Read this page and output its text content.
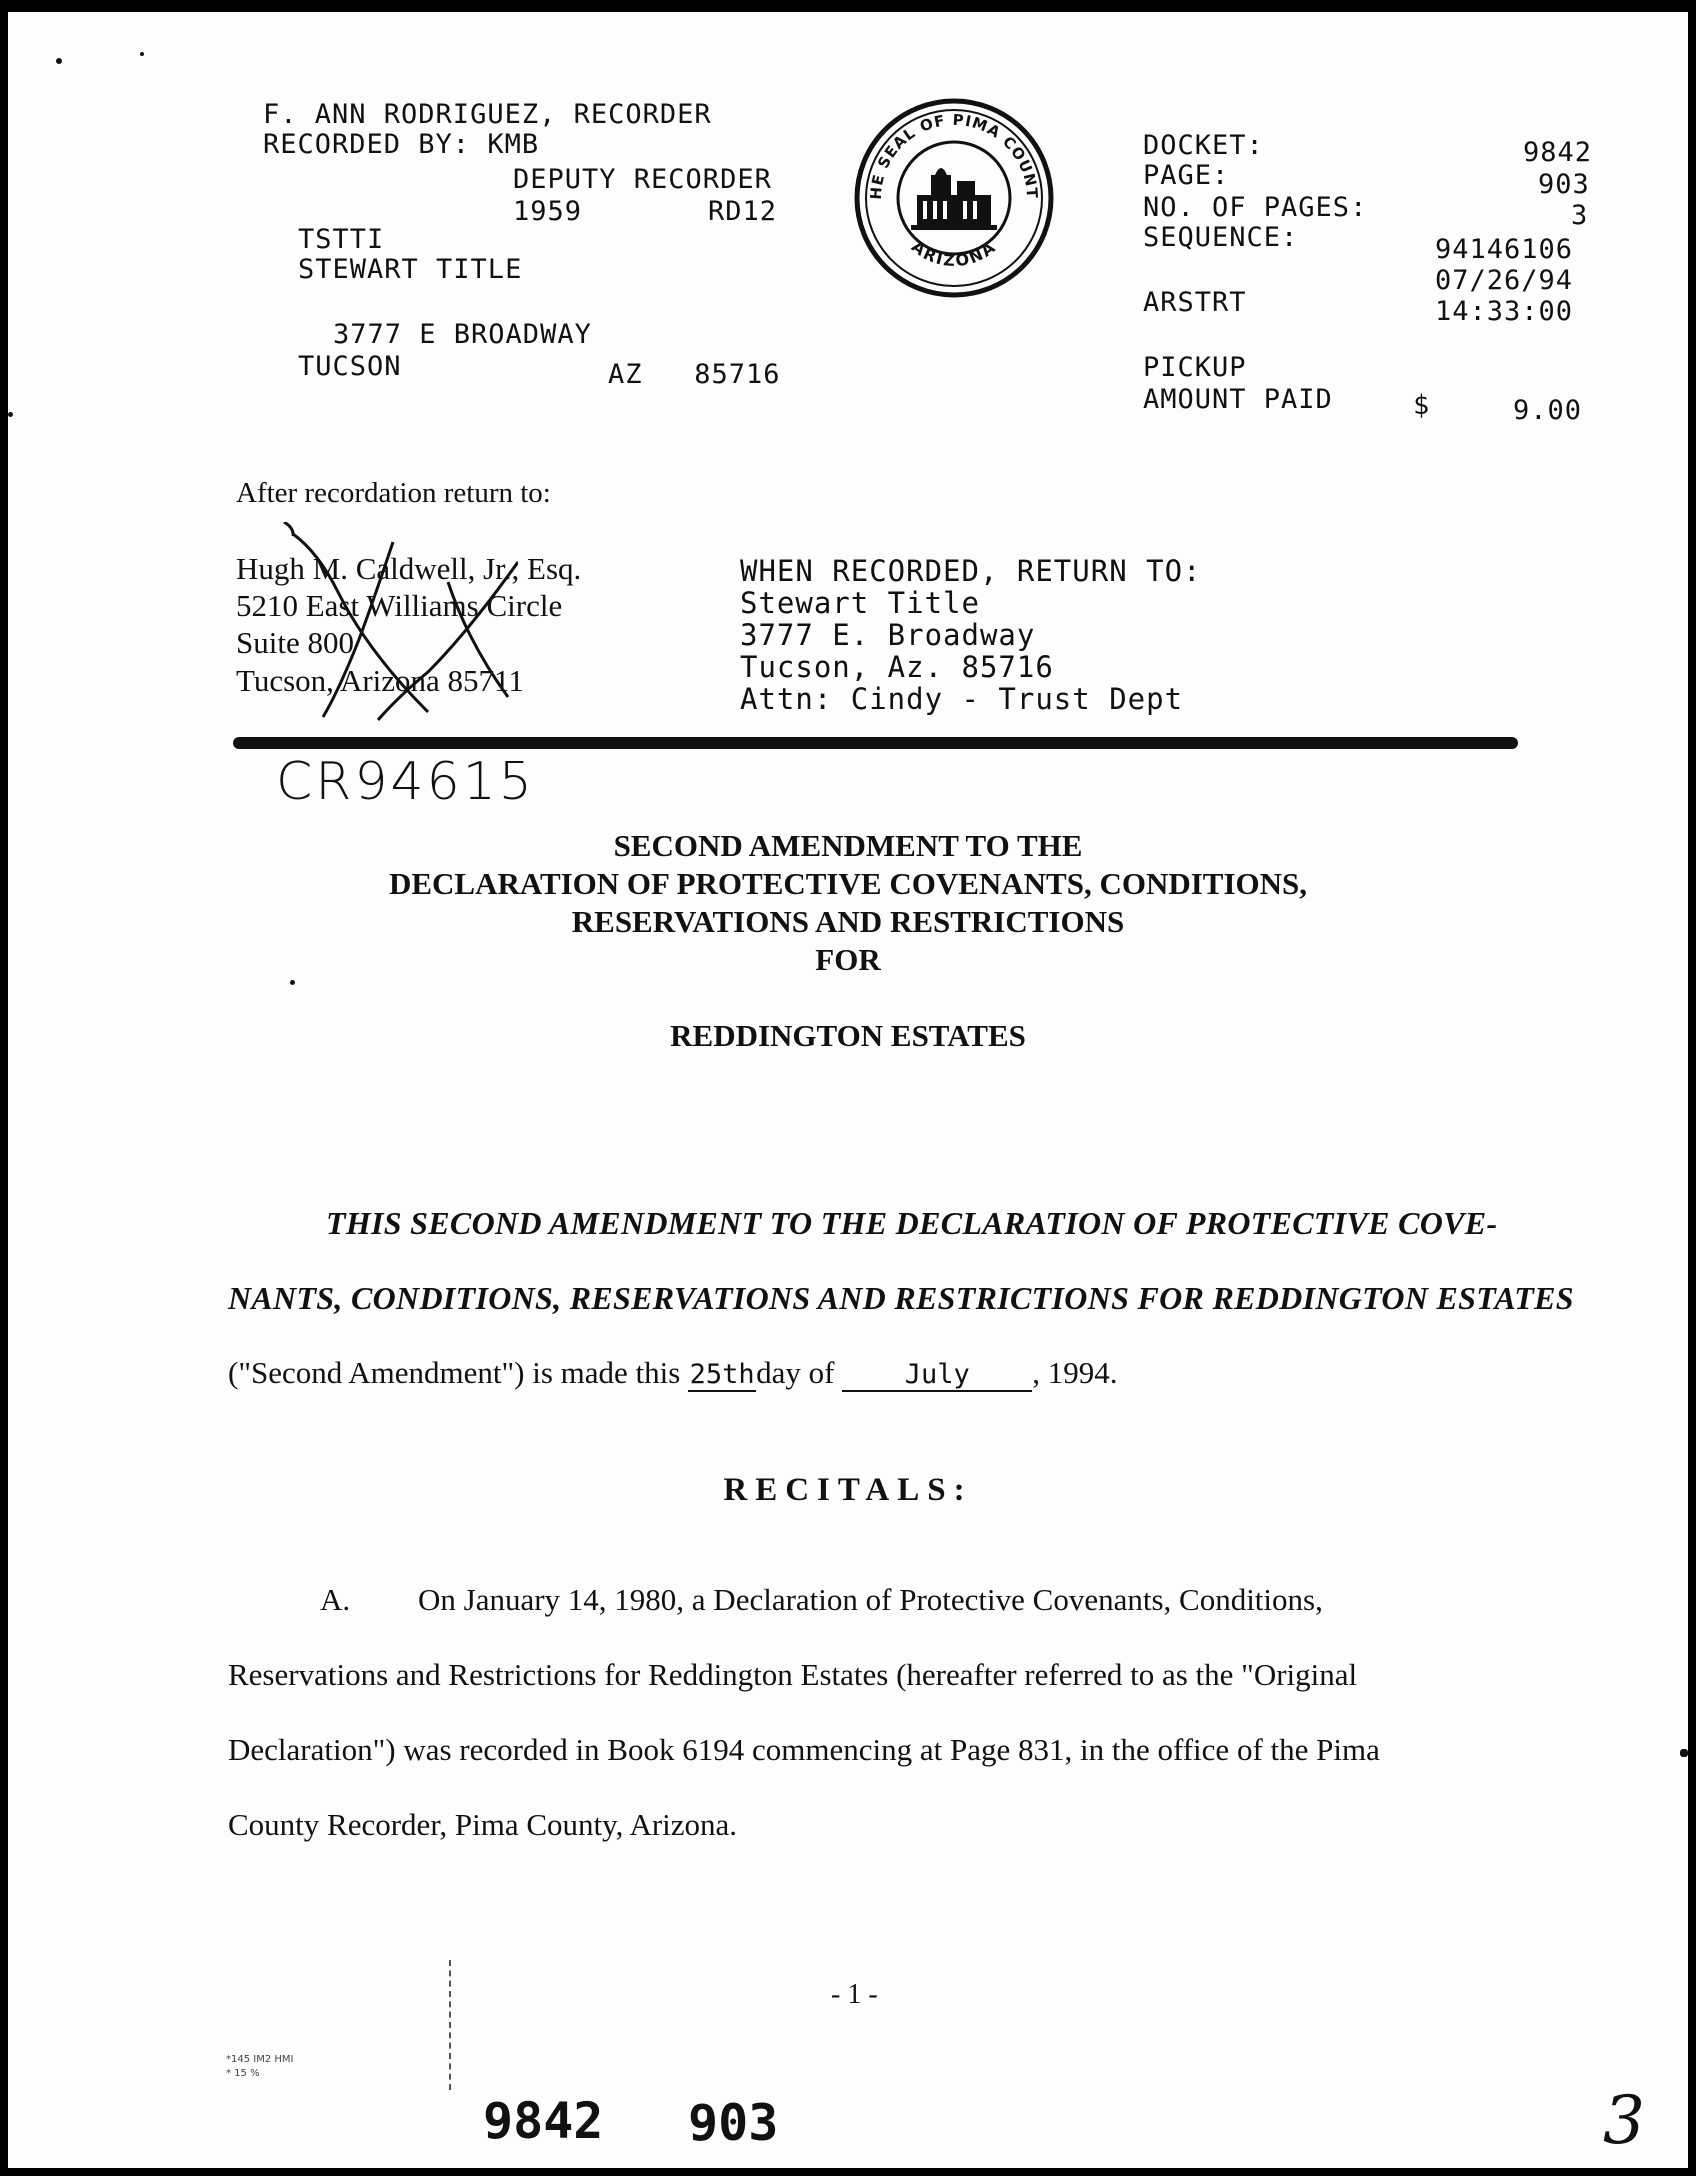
F. ANN RODRIGUEZ, RECORDER
RECORDED BY: KMB
DEPUTY RECORDER
1959	RD12
TSTTI
STEWART TITLE
3777 E BROADWAY
TUCSON	AZ   85716
HE SEAL OF PIMA COUNT
ARIZONA
DOCKET:	9842
PAGE:	903
NO. OF PAGES:	3
SEQUENCE:	94146106
07/26/94
ARSTRT	14:33:00
PICKUP
AMOUNT PAID	$	9.00
After recordation return to:
Hugh M. Caldwell, Jr., Esq.
5210 East Williams Circle
Suite 800
Tucson, Arizona 85711
WHEN RECORDED, RETURN TO:
Stewart Title
3777 E. Broadway
Tucson, Az. 85716
Attn: Cindy - Trust Dept
CR94615
SECOND AMENDMENT TO THE
DECLARATION OF PROTECTIVE COVENANTS, CONDITIONS,
RESERVATIONS AND RESTRICTIONS
FOR
REDDINGTON ESTATES
THIS SECOND AMENDMENT TO THE DECLARATION OF PROTECTIVE COVE-
NANTS, CONDITIONS, RESERVATIONS AND RESTRICTIONS FOR REDDINGTON ESTATES
("Second Amendment") is made this 25thday of	July , 1994.
RECITALS:
A. On January 14, 1980, a Declaration of Protective Covenants, Conditions,
Reservations and Restrictions for Reddington Estates (hereafter referred to as the "Original
Declaration") was recorded in Book 6194 commencing at Page 831, in the office of the Pima
County Recorder, Pima County, Arizona.
- 1 -
*145 IM2 HMI
* 15 %
9842 903	3
